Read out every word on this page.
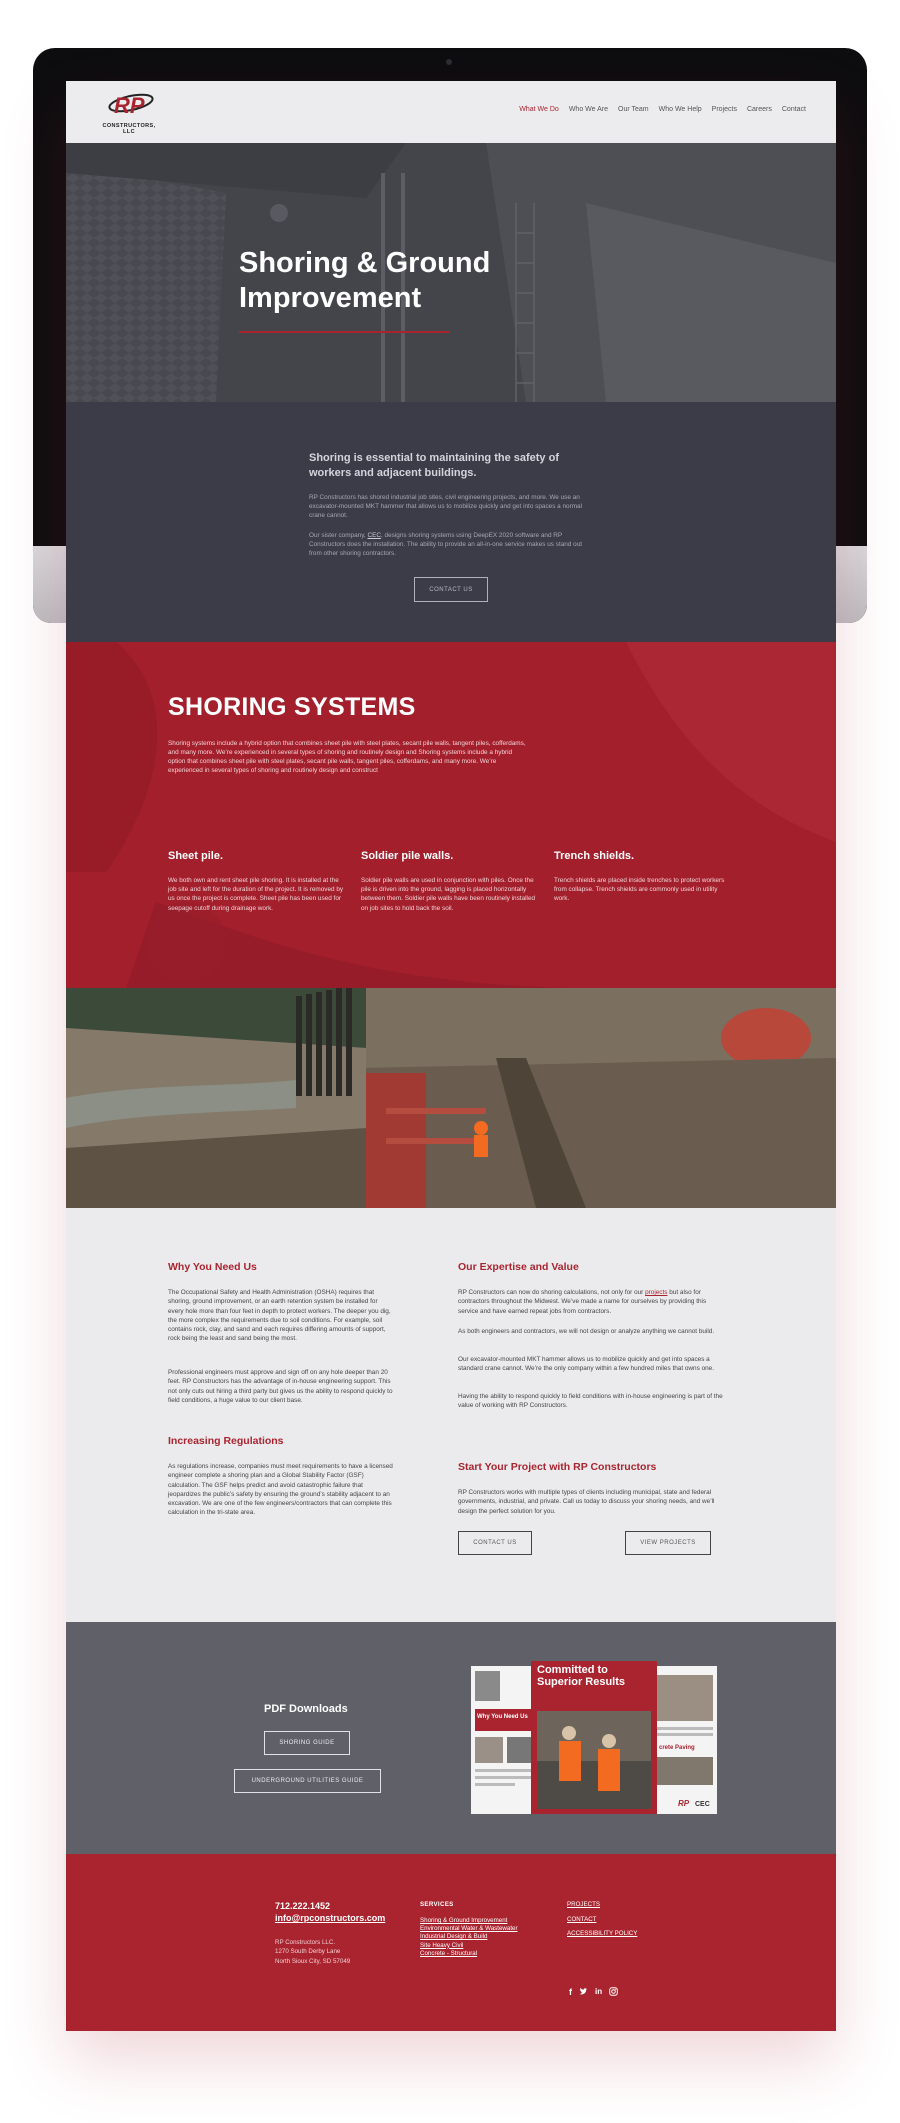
RP
CONSTRUCTORS, LLC
What We Do Who We Are Our Team Who We Help Projects Careers Contact
Shoring & Ground Improvement
Shoring is essential to maintaining the safety of workers and adjacent buildings.

RP Constructors has shored industrial job sites, civil engineering projects, and more. We use an excavator-mounted MKT hammer that allows us to mobilize quickly and get into spaces a normal crane cannot.

Our sister company, CEC, designs shoring systems using DeepEX 2020 software and RP Constructors does the installation. The ability to provide an all-in-one service makes us stand out from other shoring contractors.

CONTACT US
SHORING SYSTEMS

Shoring systems include a hybrid option that combines sheet pile with steel plates, secant pile walls, tangent piles, cofferdams, and many more. We’re experienced in several types of shoring and routinely design and Shoring systems include a hybrid option that combines sheet pile with steel plates, secant pile walls, tangent piles, cofferdams, and many more. We’re experienced in several types of shoring and routinely design and construct

Sheet pile.

We both own and rent sheet pile shoring. It is installed at the job site and left for the duration of the project. It is removed by us once the project is complete. Sheet pile has been used for seepage cutoff during drainage work.

Soldier pile walls.

Soldier pile walls are used in conjunction with piles. Once the pile is driven into the ground, lagging is placed horizontally between them. Soldier pile walls have been routinely installed on job sites to hold back the soil.

Trench shields.

Trench shields are placed inside trenches to protect workers from collapse. Trench shields are commonly used in utility work.

Why You Need Us

The Occupational Safety and Health Administration (OSHA) requires that shoring, ground improvement, or an earth retention system be installed for every hole more than four feet in depth to protect workers. The deeper you dig, the more complex the requirements due to soil conditions. For example, soil contains rock, clay, and sand and each requires differing amounts of support, rock being the least and sand being the most.

Professional engineers must approve and sign off on any hole deeper than 20 feet. RP Constructors has the advantage of in-house engineering support. This not only cuts out hiring a third party but gives us the ability to respond quickly to field conditions, a huge value to our client base.

Increasing Regulations

As regulations increase, companies must meet requirements to have a licensed engineer complete a shoring plan and a Global Stability Factor (GSF) calculation. The GSF helps predict and avoid catastrophic failure that jeopardizes the public’s safety by ensuring the ground’s stability adjacent to an excavation. We are one of the few engineers/contractors that can complete this calculation in the tri-state area.

Our Expertise and Value

RP Constructors can now do shoring calculations, not only for our projects but also for contractors throughout the Midwest. We’ve made a name for ourselves by providing this service and have earned repeat jobs from contractors.

As both engineers and contractors, we will not design or analyze anything we cannot build.

Our excavator-mounted MKT hammer allows us to mobilize quickly and get into spaces a standard crane cannot. We’re the only company within a few hundred miles that owns one.

Having the ability to respond quickly to field conditions with in-house engineering is part of the value of working with RP Constructors.

Start Your Project with RP Constructors

RP Constructors works with multiple types of clients including municipal, state and federal governments, industrial, and private. Call us today to discuss your shoring needs, and we’ll design the perfect solution for you.

CONTACT US	VIEW PROJECTS
PDF Downloads
SHORING GUIDE
UNDERGROUND UTILITIES GUIDE
Why You Need Us
crete Paving
RP CEC
Committed to Superior Results
712.222.1452
info@rpconstructors.com
RP Constructors LLC.
1270 South Derby Lane
North Sioux City, SD 57049
SERVICES
Shoring & Ground Improvement
Environmental Water & Wastewater
Industrial Design & Build
Site Heavy Civil
Concrete - Structural
PROJECTS
CONTACT
ACCESSIBILITY POLICY
f	in
